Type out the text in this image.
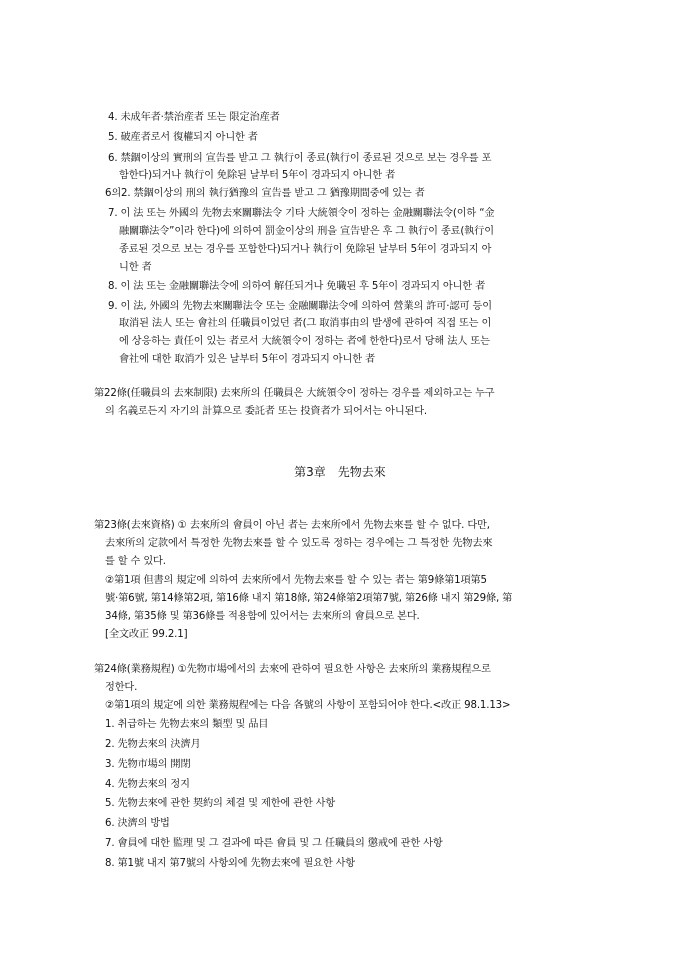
4. 未成年者·禁治産者 또는 限定治産者
5. 破産者로서 復權되지 아니한 者
6. 禁錮이상의 實刑의 宣告를 받고 그 執行이 종료(執行이 종료된 것으로 보는 경우를 포
함한다)되거나 執行이 免除된 날부터 5年이 경과되지 아니한 者
6의2. 禁錮이상의 刑의 執行猶豫의 宣告를 받고 그 猶豫期間중에 있는 者
7. 이 法 또는 外國의 先物去來關聯法令 기타 大統領令이 정하는 金融關聯法令(이하 “金
融關聯法令”이라 한다)에 의하여 罰金이상의 刑을 宣告받은 후 그 執行이 종료(執行이
종료된 것으로 보는 경우를 포함한다)되거나 執行이 免除된 날부터 5年이 경과되지 아
니한 者
8. 이 法 또는 金融關聯法令에 의하여 解任되거나 免職된 후 5年이 경과되지 아니한 者
9. 이 法, 外國의 先物去來關聯法令 또는 金融關聯法令에 의하여 營業의 許可·認可 등이
取消된 法人 또는 會社의 任職員이었던 者(그 取消事由의 발생에 관하여 직접 또는 이
에 상응하는 責任이 있는 者로서 大統領令이 정하는 者에 한한다)로서 당해 法人 또는
會社에 대한 取消가 있은 날부터 5年이 경과되지 아니한 者
第22條(任職員의 去來制限) 去來所의 任職員은 大統領令이 정하는 경우를 제외하고는 누구
의 名義로든지 자기의 計算으로 委託者 또는 投資者가 되어서는 아니된다.
第3章　先物去來
第23條(去來資格) ① 去來所의 會員이 아닌 者는 去來所에서 先物去來를 할 수 없다. 다만,
去來所의 定款에서 특정한 先物去來를 할 수 있도록 정하는 경우에는 그 특정한 先物去來
를 할 수 있다.
②第1項 但書의 規定에 의하여 去來所에서 先物去來를 할 수 있는 者는 第9條第1項第5
號·第6號, 第14條第2項, 第16條 내지 第18條, 第24條第2項第7號, 第26條 내지 第29條, 第
34條, 第35條 및 第36條를 적용함에 있어서는 去來所의 會員으로 본다.
[全文改正 99.2.1]
第24條(業務規程) ①先物市場에서의 去來에 관하여 필요한 사항은 去來所의 業務規程으로
정한다.
②第1項의 規定에 의한 業務規程에는 다음 各號의 사항이 포함되어야 한다.<改正 98.1.13>
1. 취급하는 先物去來의 類型 및 品目
2. 先物去來의 決濟月
3. 先物市場의 開閉
4. 先物去來의 정지
5. 先物去來에 관한 契約의 체결 및 제한에 관한 사항
6. 決濟의 방법
7. 會員에 대한 監理 및 그 결과에 따른 會員 및 그 任職員의 懲戒에 관한 사항
8. 第1號 내지 第7號의 사항외에 先物去來에 필요한 사항
